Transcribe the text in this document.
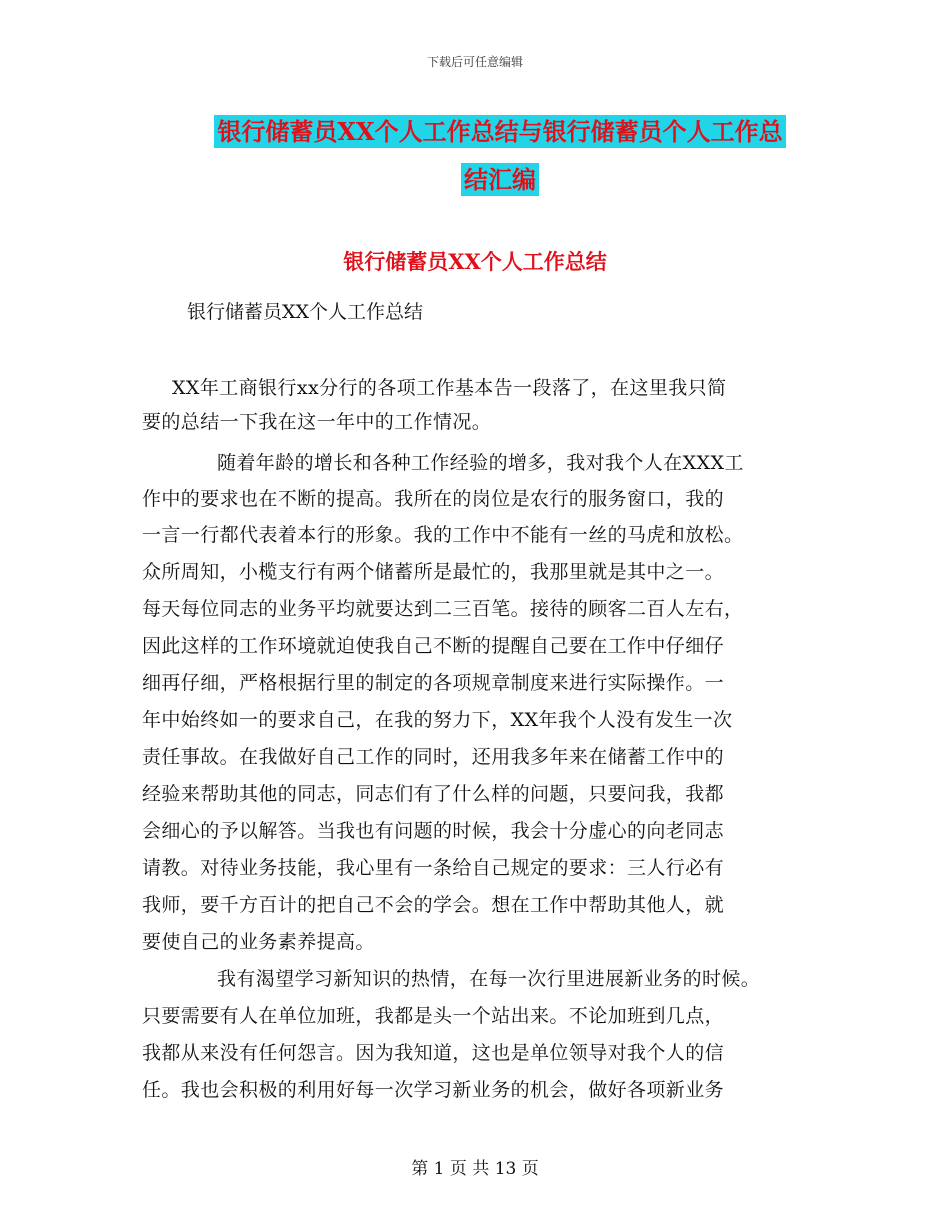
下载后可任意编辑
银行储蓄员XX个人工作总结与银行储蓄员个人工作总
结汇编
银行储蓄员XX个人工作总结
银行储蓄员XX个人工作总结
XX年工商银行xx分行的各项工作基本告一段落了，在这里我只简
要的总结一下我在这一年中的工作情况。
随着年龄的增长和各种工作经验的增多，我对我个人在XXX工
作中的要求也在不断的提高。我所在的岗位是农行的服务窗口，我的
一言一行都代表着本行的形象。我的工作中不能有一丝的马虎和放松。
众所周知，小榄支行有两个储蓄所是最忙的，我那里就是其中之一。
每天每位同志的业务平均就要达到二三百笔。接待的顾客二百人左右，
因此这样的工作环境就迫使我自己不断的提醒自己要在工作中仔细仔
细再仔细，严格根据行里的制定的各项规章制度来进行实际操作。一
年中始终如一的要求自己，在我的努力下，XX年我个人没有发生一次
责任事故。在我做好自己工作的同时，还用我多年来在储蓄工作中的
经验来帮助其他的同志，同志们有了什么样的问题，只要问我，我都
会细心的予以解答。当我也有问题的时候，我会十分虚心的向老同志
请教。对待业务技能，我心里有一条给自己规定的要求：三人行必有
我师，要千方百计的把自己不会的学会。想在工作中帮助其他人，就
要使自己的业务素养提高。
我有渴望学习新知识的热情，在每一次行里进展新业务的时候。
只要需要有人在单位加班，我都是头一个站出来。不论加班到几点，
我都从来没有任何怨言。因为我知道，这也是单位领导对我个人的信
任。我也会积极的利用好每一次学习新业务的机会，做好各项新业务
第 1 页 共 13 页
